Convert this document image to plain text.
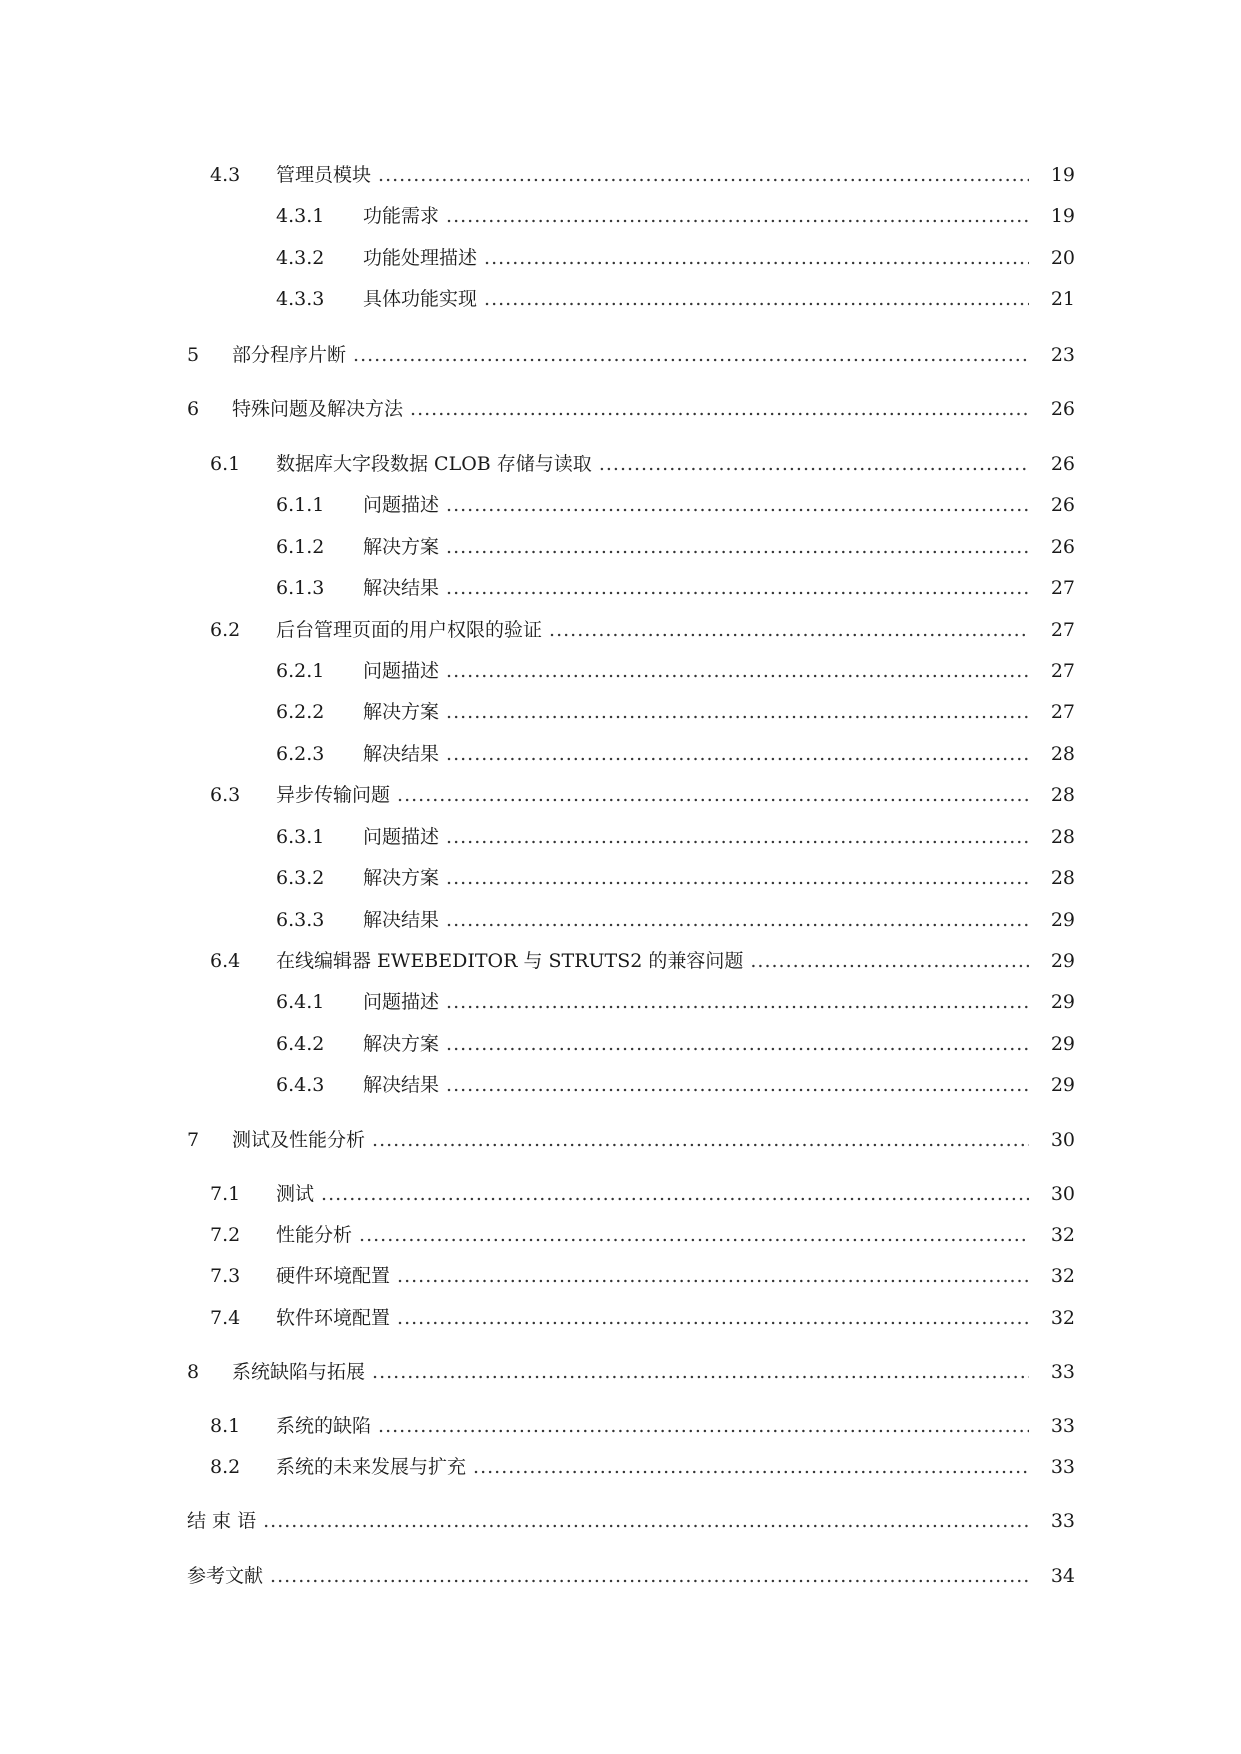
4.3 管理员模块 .....	19
4.3.1 功能需求 .....	19
4.3.2 功能处理描述 .....	20
4.3.3 具体功能实现 .....	21
5 部分程序片断 .....	23
6 特殊问题及解决方法 .....	26
6.1 数据库大字段数据 CLOB 存储与读取 .....	26
6.1.1 问题描述 .....	26
6.1.2 解决方案 .....	26
6.1.3 解决结果 .....	27
6.2 后台管理页面的用户权限的验证 .....	27
6.2.1 问题描述 .....	27
6.2.2 解决方案 .....	27
6.2.3 解决结果 .....	28
6.3 异步传输问题 .....	28
6.3.1 问题描述 .....	28
6.3.2 解决方案 .....	28
6.3.3 解决结果 .....	29
6.4 在线编辑器 EWEBEDITOR 与 STRUTS2 的兼容问题 .....	29
6.4.1 问题描述 .....	29
6.4.2 解决方案 .....	29
6.4.3 解决结果 .....	29
7 测试及性能分析 .....	30
7.1 测试 .....	30
7.2 性能分析 .....	32
7.3 硬件环境配置 .....	32
7.4 软件环境配置 .....	32
8 系统缺陷与拓展 .....	33
8.1 系统的缺陷 .....	33
8.2 系统的未来发展与扩充 .....	33
结 束 语 .....	33
参考文献 .....	34
